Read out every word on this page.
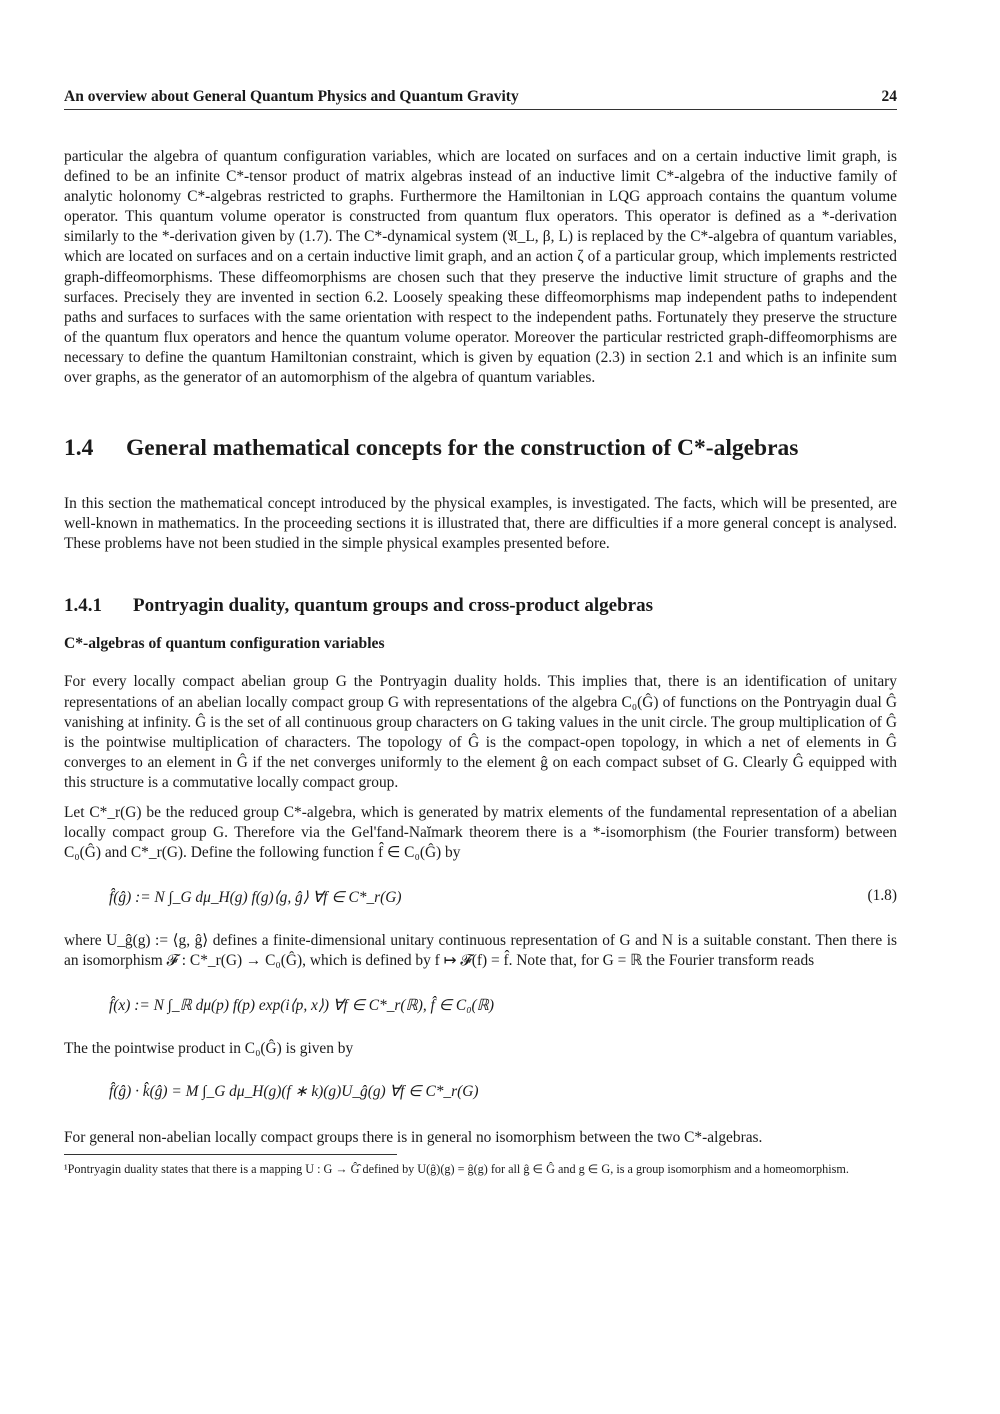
An overview about General Quantum Physics and Quantum Gravity	24

particular the algebra of quantum configuration variables, which are located on surfaces and on a certain inductive limit graph, is defined to be an infinite C*-tensor product of matrix algebras instead of an inductive limit C*-algebra of the inductive family of analytic holonomy C*-algebras restricted to graphs. Furthermore the Hamiltonian in LQG approach contains the quantum volume operator. This quantum volume operator is constructed from quantum flux operators. This operator is defined as a *-derivation similarly to the *-derivation given by (1.7). The C*-dynamical system (𝔄_L, β, L) is replaced by the C*-algebra of quantum variables, which are located on surfaces and on a certain inductive limit graph, and an action ζ of a particular group, which implements restricted graph-diffeomorphisms. These diffeomorphisms are chosen such that they preserve the inductive limit structure of graphs and the surfaces. Precisely they are invented in section 6.2. Loosely speaking these diffeomorphisms map independent paths to independent paths and surfaces to surfaces with the same orientation with respect to the independent paths. Fortunately they preserve the structure of the quantum flux operators and hence the quantum volume operator. Moreover the particular restricted graph-diffeomorphisms are necessary to define the quantum Hamiltonian constraint, which is given by equation (2.3) in section 2.1 and which is an infinite sum over graphs, as the generator of an automorphism of the algebra of quantum variables.

1.4 General mathematical concepts for the construction of C*-algebras

In this section the mathematical concept introduced by the physical examples, is investigated. The facts, which will be presented, are well-known in mathematics. In the proceeding sections it is illustrated that, there are difficulties if a more general concept is analysed. These problems have not been studied in the simple physical examples presented before.

1.4.1 Pontryagin duality, quantum groups and cross-product algebras
C*-algebras of quantum configuration variables

For every locally compact abelian group G the Pontryagin duality holds. This implies that, there is an identification of unitary representations of an abelian locally compact group G with representations of the algebra C₀(Ĝ) of functions on the Pontryagin dual Ĝ vanishing at infinity. Ĝ is the set of all continuous group characters on G taking values in the unit circle. The group multiplication of Ĝ is the pointwise multiplication of characters. The topology of Ĝ is the compact-open topology, in which a net of elements in Ĝ converges to an element in Ĝ if the net converges uniformly to the element ĝ on each compact subset of G. Clearly Ĝ equipped with this structure is a commutative locally compact group.

Let C*_r(G) be the reduced group C*-algebra, which is generated by matrix elements of the fundamental representation of a abelian locally compact group G. Therefore via the Gel'fand-Naĭmark theorem there is a *-isomorphism (the Fourier transform) between C₀(Ĝ) and C*_r(G). Define the following function f̂ ∈ C₀(Ĝ) by

f̂(ĝ) := N ∫_G dμ_H(g) f(g)⟨g, ĝ⟩ ∀f ∈ C*_r(G)	(1.8)

where U_ĝ(g) := ⟨g, ĝ⟩ defines a finite-dimensional unitary continuous representation of G and N is a suitable constant. Then there is an isomorphism 𝓕 : C*_r(G) → C₀(Ĝ), which is defined by f ↦ 𝓕(f) = f̂. Note that, for G = ℝ the Fourier transform reads

f̂(x) := N ∫_ℝ dμ(p) f(p) exp(i⟨p, x⟩) ∀f ∈ C*_r(ℝ), f̂ ∈ C₀(ℝ)

The the pointwise product in C₀(Ĝ) is given by

f̂(ĝ) · k̂(ĝ) = M ∫_G dμ_H(g)(f ∗ k)(g)U_ĝ(g) ∀f ∈ C*_r(G)

For general non-abelian locally compact groups there is in general no isomorphism between the two C*-algebras.

¹Pontryagin duality states that there is a mapping U : G → Ĝ̂ defined by U(ĝ)(g) = ĝ(g) for all ĝ ∈ Ĝ and g ∈ G, is a group isomorphism and a homeomorphism.
